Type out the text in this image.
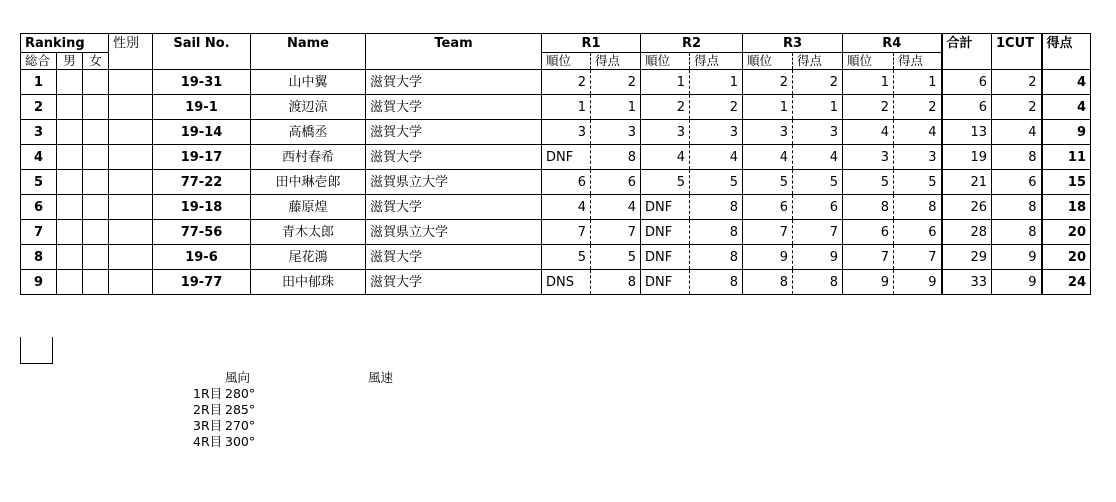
Ranking			性別	Sail No.	Name	Team	R1		R2		R3		R4		合計	1CUT	得点
総合	男	女					順位	得点	順位	得点	順位	得点	順位	得点			
1				19-31	山中翼	滋賀大学	2	2	1	1	2	2	1	1	6	2	4
2				19-1	渡辺涼	滋賀大学	1	1	2	2	1	1	2	2	6	2	4
3				19-14	高橋丞	滋賀大学	3	3	3	3	3	3	4	4	13	4	9
4				19-17	西村春希	滋賀大学	DNF	8	4	4	4	4	3	3	19	8	11
5				77-22	田中琳壱郎	滋賀県立大学	6	6	5	5	5	5	5	5	21	6	15
6				19-18	藤原煌	滋賀大学	4	4	DNF	8	6	6	8	8	26	8	18
7				77-56	青木太郎	滋賀県立大学	7	7	DNF	8	7	7	6	6	28	8	20
8				19-6	尾花鴻	滋賀大学	5	5	DNF	8	9	9	7	7	29	9	20
9				19-77	田中郁珠	滋賀大学	DNS	8	DNF	8	8	8	9	9	33	9	24
風向	風速
1R目 280°
2R目 285°
3R目 270°
4R目 300°
